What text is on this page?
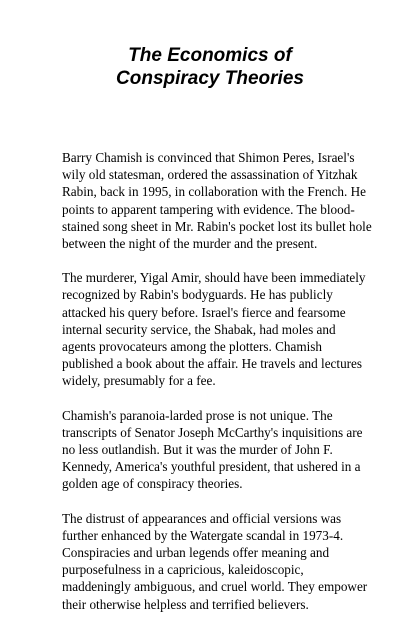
The Economics of
Conspiracy Theories

Barry Chamish is convinced that Shimon Peres, Israel's wily old statesman, ordered the assassination of Yitzhak Rabin, back in 1995, in collaboration with the French. He points to apparent tampering with evidence. The blood-stained song sheet in Mr. Rabin's pocket lost its bullet hole between the night of the murder and the present.

The murderer, Yigal Amir, should have been immediately recognized by Rabin's bodyguards. He has publicly attacked his query before. Israel's fierce and fearsome internal security service, the Shabak, had moles and agents provocateurs among the plotters. Chamish published a book about the affair. He travels and lectures widely, presumably for a fee.

Chamish's paranoia-larded prose is not unique. The transcripts of Senator Joseph McCarthy's inquisitions are no less outlandish. But it was the murder of John F. Kennedy, America's youthful president, that ushered in a golden age of conspiracy theories.

The distrust of appearances and official versions was further enhanced by the Watergate scandal in 1973-4. Conspiracies and urban legends offer meaning and purposefulness in a capricious, kaleidoscopic, maddeningly ambiguous, and cruel world. They empower their otherwise helpless and terrified believers.
